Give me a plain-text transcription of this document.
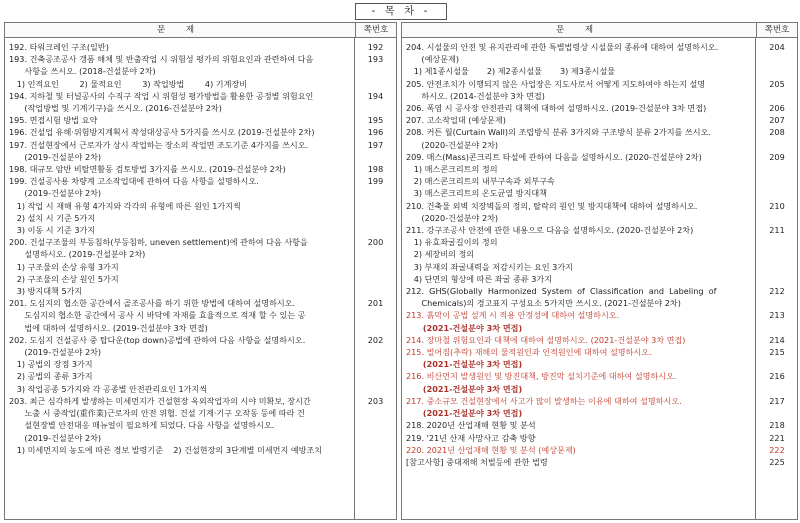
- 목 차 -
문 제	쪽번호
192. 타워크레인 구조(일반)	192
193. 건축공조공사 갱폼 해체 및 반출작업 시 위험성 평가의 위험요인과 관련하여 다음	193
사항을 쓰시오. (2018-건설분야 2차)
1) 인적요인        2) 물적요인        3) 작업방법        4) 기계장비
194. 지하철 및 터널공사의 수직구 작업 시 위험성 평가방법을 활용한 공정별 위험요인	194
(작업방법 및 기계기구)을 쓰시오. (2016-건설분야 2차)
195. 면접시험 방법 요약	195
196. 건설업 유해·위험방지계획서 작성대상공사 5가지를 쓰시오 (2019-건설분야 2차)	196
197. 건설현장에서 근로자가 상시 작업하는 장소의 작업면 조도기준 4가지를 쓰시오.	197
(2019-건설분야 2차)
198. 대규모 암반 비탈면활동 검토방법 3가지를 쓰시오. (2019-건설분야 2차)	198
199. 건설공사용 차량계 고소작업대에 관하여 다음 사항을 설명하시오.	199
(2019-건설분야 2차)
1) 작업 시 재해 유형 4가지와 각각의 유형에 따른 원인 1가지씩
2) 설치 시 기준 5가지
3) 이동 시 기준 3가지
200. 건설구조물의 부등침하(부등침하, uneven settlement)에 관하여 다음 사항을	200
설명하시오. (2019-건설분야 2차)
1) 구조물의 손상 유형 3가지
2) 구조물의 손상 원인 5가지
3) 방지대책 5가지
201. 도심지의 협소한 공간에서 골조공사를 하기 위한 방법에 대하여 설명하시오.	201
도심지의 협소한 공간에서 공사 시 바닥에 자재를 효율적으로 적재 할 수 있는 공
법에 대하여 설명하시오. (2019-건설분야 3차 면접)
202. 도심지 건설공사 중 탑다운(top down)공법에 관하여 다음 사항을 설명하시오.	202
(2019-건설분야 2차)
1) 공법의 장점 3가지
2) 공법의 종류 3가지
3) 작업공종 5가지와 각 공종별 안전관리요인 1가지씩
203. 최근 심각하게 발생하는 미세먼지가 건설현장 옥외작업자의 시야 미확보, 장시간	203
노출 시 중작업(重作業)근로자의 안전 위협. 건설 기계·기구 오작동 등에 따라 건
설현장별 안전대응 매뉴얼이 필요하게 되었다. 다음 사항을 설명하시오.
(2019-건설분야 2차)
1) 미세먼지의 농도에 따른 경보 발령기준    2) 건설현장의 3단계별 미세먼지 예방조치
문 제	쪽번호
204. 시설물의 안전 및 유지관리에 관한 특별법령상 시설물의 종류에 대하여 설명하시오.	204
(예상문제)
1) 제1종시설물       2) 제2종시설물       3) 제3종시설물
205. 안전조치가 이행되지 않은 사업장은 지도사로서 어떻게 지도하여야 하는지 설명	205
하시오. (2014-건설분야 3차 면접)
206. 폭염 시 공사장 안전관리 대책에 대하여 설명하시오. (2019-건설분야 3차 면접)	206
207. 고소작업대 (예상문제)	207
208. 커튼 월(Curtain Wall)의 조립방식 분류 3가지와 구조방식 분류 2가지를 쓰시오.	208
(2020-건설분야 2차)
209. 매스(Mass)콘크리트 타설에 관하여 다음을 설명하시오. (2020-건설분야 2차)	209
1) 매스콘크리트의 정의
2) 매스콘크리트의 내부구속과 외부구속
3) 매스콘크리트의 온도균열 방지대책
210. 건축물 외벽 치장벽돌의 정의, 탈락의 원인 및 방지대책에 대하여 설명하시오.	210
(2020-건설분야 2차)
211. 강구조공사 안전에 관한 내용으로 다음을 설명하시오. (2020-건설분야 2차)	211
1) 유효좌굴길이의 정의
2) 세장비의 정의
3) 부재의 좌굴내력을 저감시키는 요인 3가지
4) 단면의 형상에 따른 좌굴 종류 3가지
212.  GHS(Globally  Harmonized  System  of  Classification  and  Labeling  of	212
Chemicals)의 경고표지 구성요소 5가지만 쓰시오. (2021-건설분야 2차)
213. 흙막이 공법 설계 시 적용 안정성에 대하여 설명하시오.	213
(2021-건설분야 3차 면접)
214. 장마철 위험요인과 대책에 대하여 설명하시오. (2021-건설분야 3차 면접)	214
215. 벌어짐(추락) 재해의 물적원인과 인적원인에 대하여 설명하시오.	215
(2021-건설분야 3차 면접)
216. 비산먼지 발생원인 및 방진대책, 방진막 설치기준에 대하여 설명하시오.	216
(2021-건설분야 3차 면접)
217. 중소규모 건설현장에서 사고가 많이 발생하는 이유에 대하여 설명하시오.	217
(2021-건설분야 3차 면접)
218. 2020년 산업재해 현황 및 분석	218
219. '21년 산재 사망사고 감축 방향	221
220. 2021년 산업재해 현황 및 분석 (예상문제)	222
[참고사항] 중대재해 처벌등에 관한 법령	225
